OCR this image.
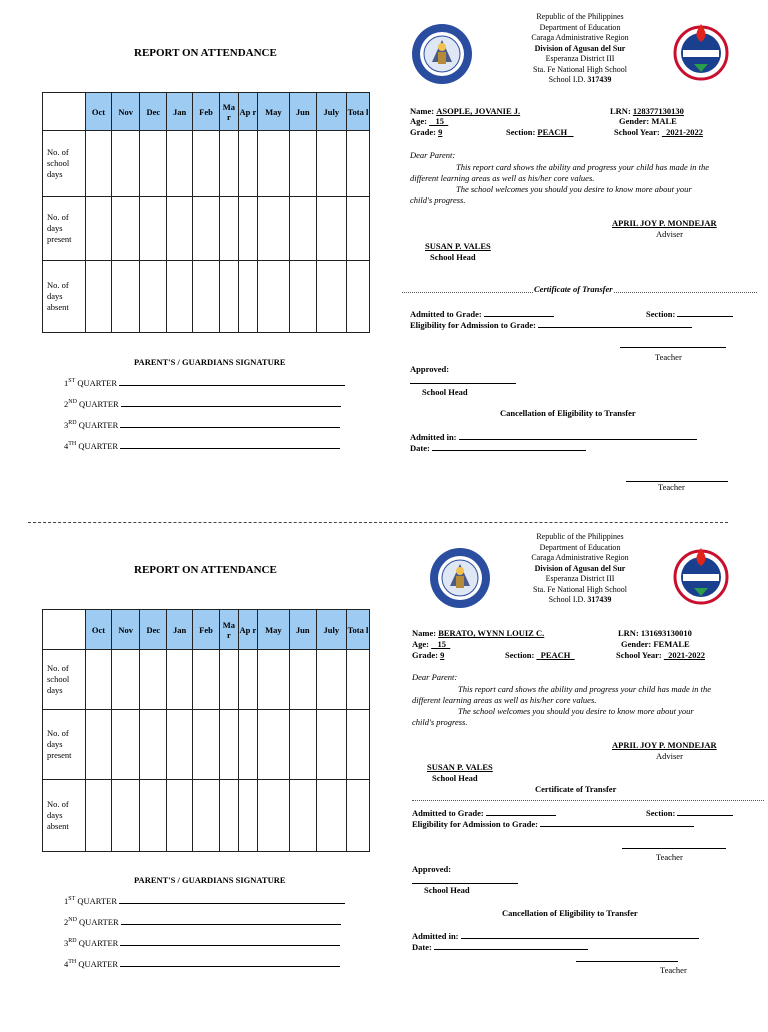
REPORT ON ATTENDANCE
	Oct	Nov	Dec	Jan	Feb	Ma r	Ap r	May	Jun	July	Tota l
No. of school days											
No. of days present											
No. of days absent											
PARENT'S / GUARDIANS SIGNATURE
1ST QUARTER
2ND QUARTER
3RD QUARTER
4TH QUARTER
Republic of the Philippines
Department of Education
Caraga Administrative Region
Division of Agusan del Sur
Esperanza District III
Sta. Fe National High School
School I.D. 317439
Name: ASOPLE, JOVANIE J.
Age: 15
Grade: 9	Section: PEACH
LRN: 128377130130
Gender: MALE
School Year: 2021-2022
Dear Parent:
This report card shows the ability and progress your child has made in the
different learning areas as well as his/her core values.
The school welcomes you should you desire to know more about your
child's progress.
APRIL JOY P. MONDEJAR
Adviser
SUSAN P. VALES
School Head
Certificate of Transfer
Admitted to Grade:	Section:
Eligibility for Admission to Grade:
Teacher
Approved:
School Head
Cancellation of Eligibility to Transfer
Admitted in:
Date:
Teacher
REPORT ON ATTENDANCE
	Oct	Nov	Dec	Jan	Feb	Ma r	Ap r	May	Jun	July	Tota l
No. of school days											
No. of days present											
No. of days absent											
PARENT'S / GUARDIANS SIGNATURE
1ST QUARTER
2ND QUARTER
3RD QUARTER
4TH QUARTER
Republic of the Philippines
Department of Education
Caraga Administrative Region
Division of Agusan del Sur
Esperanza District III
Sta. Fe National High School
School I.D. 317439
Name: BERATO, WYNN LOUIZ C.
Age: 15
Grade: 9	Section: PEACH
LRN: 131693130010
Gender: FEMALE
School Year: 2021-2022
Dear Parent:
This report card shows the ability and progress your child has made in the
different learning areas as well as his/her core values.
The school welcomes you should you desire to know more about your
child's progress.
APRIL JOY P. MONDEJAR
Adviser
SUSAN P. VALES
School Head
Certificate of Transfer
Admitted to Grade:	Section:
Eligibility for Admission to Grade:
Teacher
Approved:
School Head
Cancellation of Eligibility to Transfer
Admitted in:
Date:
Teacher
